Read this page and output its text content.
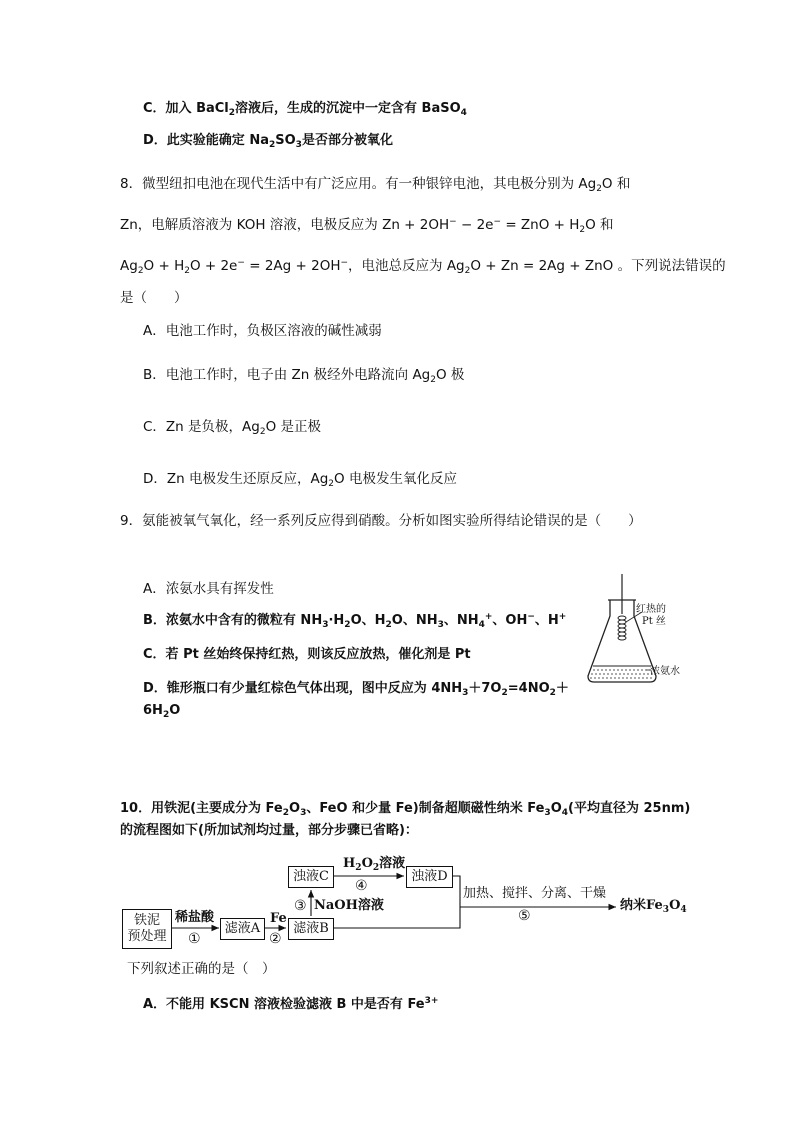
C．加入 BaCl$_2$溶液后，生成的沉淀中一定含有 BaSO$_4$
D．此实验能确定 $Na_2SO_3$是否部分被氧化
8．微型纽扣电池在现代生活中有广泛应用。有一种银锌电池，其电极分别为 $Ag_2O$ 和
Zn，电解质溶液为 KOH 溶液，电极反应为 Zn + 2OH− − 2e− = ZnO + $H_2O$ 和
$Ag_2O + H_2O + 2e^- = 2Ag + 2OH^-$，电池总反应为 $Ag_2O + Zn = 2Ag$ + ZnO 。下列说法错误的
是（　　）
A．电池工作时，负极区溶液的碱性减弱
B．电池工作时，电子由 Zn 极经外电路流向 $Ag_2O$ 极
C．Zn 是负极，$Ag_2O$ 是正极
D．Zn 电极发生还原反应，$Ag_2O$ 电极发生氧化反应
9．氨能被氧气氧化，经一系列反应得到硝酸。分析如图实验所得结论错误的是（　　）
A．浓氨水具有挥发性
B．浓氨水中含有的微粒有 $NH_3\cdot H_2O$、$H_2O$、$NH_3$、$NH_4^+$、OH−、H+
C．若 Pt 丝始终保持红热，则该反应放热，催化剂是 Pt
D．锥形瓶口有少量红棕色气体出现，图中反应为 $4NH_3+7O_2=4NO_2+$
$6H_2O$
红热的
Pt 丝
浓氨水
10．用铁泥(主要成分为 $Fe_2O_3$、FeO 和少量 Fe)制备超顺磁性纳米 $Fe_3O_4$(平均直径为 25nm)
的流程图如下(所加试剂均过量，部分步骤已省略)：
铁泥
预处理
滤液A	滤液B
浊液C	浊液D
稀盐酸
①
Fe
②
NaOH溶液
③
$H_2O_2$溶液
④	加热、搅拌、分离、干燥
⑤
纳米$Fe_3O_4$
下列叙述正确的是（　）
A．不能用 KSCN 溶液检验滤液 B 中是否有 $Fe^{3+}$
